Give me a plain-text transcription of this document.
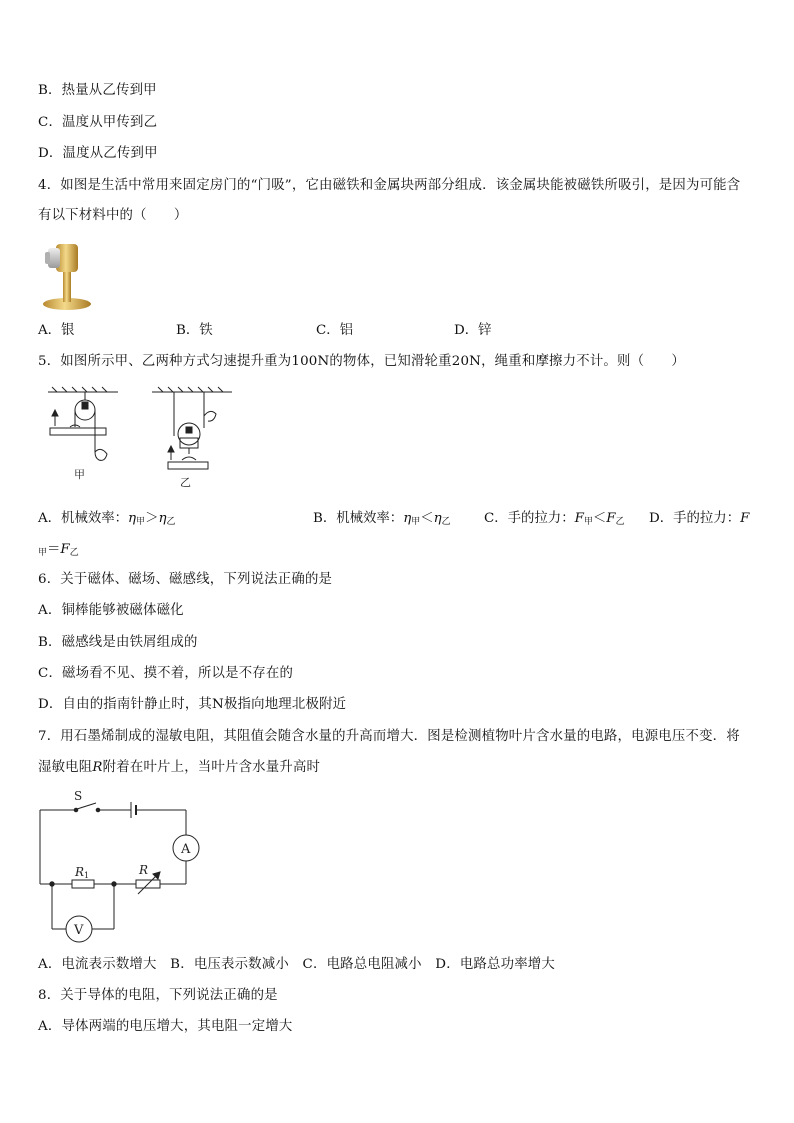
B．热量从乙传到甲
C．温度从甲传到乙
D．温度从乙传到甲
4．如图是生活中常用来固定房门的“门吸”，它由磁铁和金属块两部分组成．该金属块能被磁铁所吸引，是因为可能含
有以下材料中的（　　）
A．银	B．铁	C．铝	D．锌
5．如图所示甲、乙两种方式匀速提升重为100N的物体，已知滑轮重20N，绳重和摩擦力不计。则（　　）
甲
乙
A．机械效率：$\eta_甲>\eta_乙$	B．机械效率：$\eta_甲<\eta_乙$ C．手的拉力：$F_甲<F_乙$ D．手的拉力：F
$_甲=F_乙$
6．关于磁体、磁场、磁感线，下列说法正确的是
A．铜棒能够被磁体磁化
B．磁感线是由铁屑组成的
C．磁场看不见、摸不着，所以是不存在的
D．自由的指南针静止时，其N极指向地理北极附近
7．用石墨烯制成的湿敏电阻，其阻值会随含水量的升高而增大．图是检测植物叶片含水量的电路，电源电压不变．将
湿敏电阻R附着在叶片上，当叶片含水量升高时
S
A
V
R 1	R
A．电流表示数增大　B．电压表示数减小　C．电路总电阻减小　D．电路总功率增大
8．关于导体的电阻，下列说法正确的是
A．导体两端的电压增大，其电阻一定增大
